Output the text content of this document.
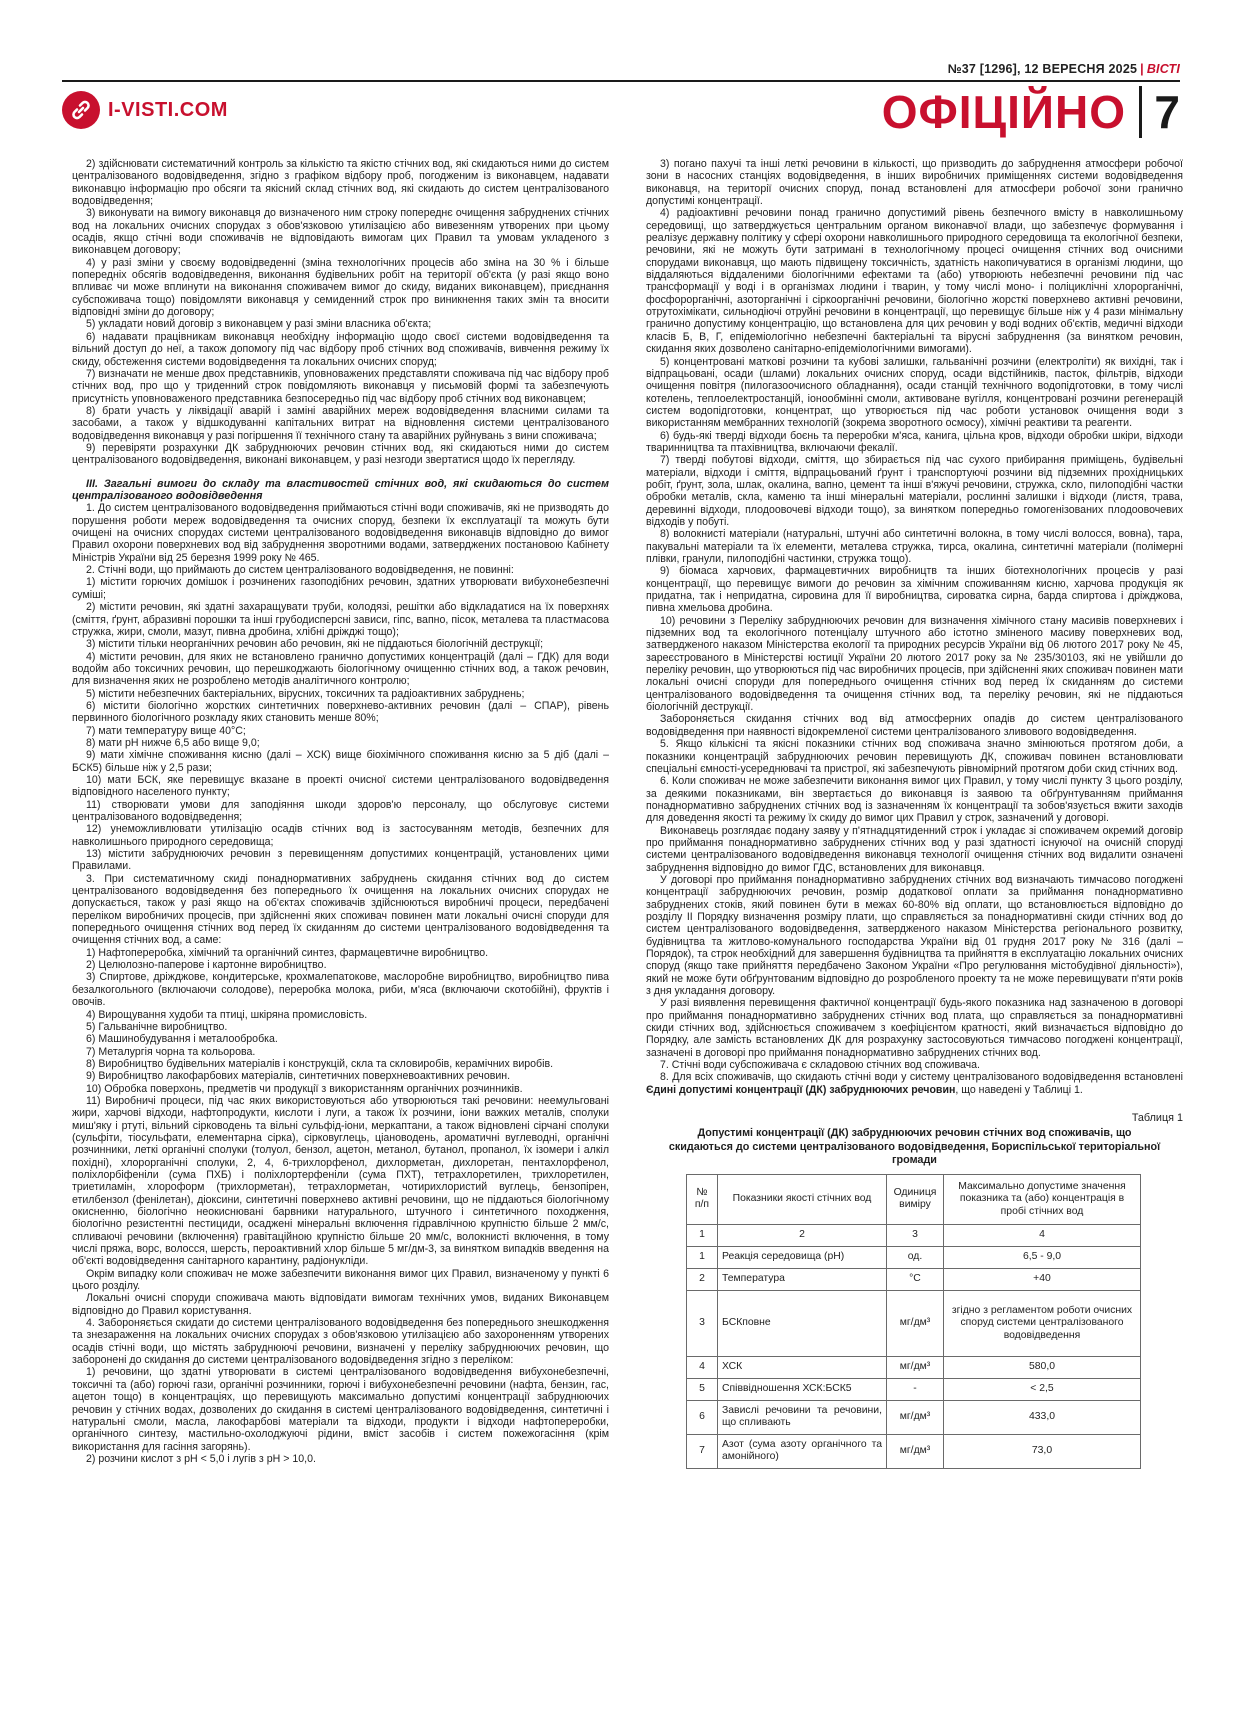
№37 [1296], 12 ВЕРЕСНЯ 2025 | ВІСТІ
I-VISTI.COM	ОФІЦІЙНО 7

2) здійснювати систематичний контроль за кількістю та якістю стічних вод, які скидаються ними до систем централізованого водовідведення, згідно з графіком відбору проб, погодженим із виконавцем, надавати виконавцю інформацію про обсяги та якісний склад стічних вод, які скидають до систем централізованого водовідведення;

3) виконувати на вимогу виконавця до визначеного ним строку попереднє очищення забруднених стічних вод на локальних очисних спорудах з обов'язковою утилізацією або вивезенням утворених при цьому осадів, якщо стічні води споживачів не відповідають вимогам цих Правил та умовам укладеного з виконавцем договору;

4) у разі зміни у своєму водовідведенні (зміна технологічних процесів або зміна на 30 % і більше попередніх обсягів водовідведення, виконання будівельних робіт на території об'єкта (у разі якщо воно впливає чи може вплинути на виконання споживачем вимог до скиду, виданих виконавцем), приєднання субспоживача тощо) повідомляти виконавця у семиденний строк про виникнення таких змін та вносити відповідні зміни до договору;

5) укладати новий договір з виконавцем у разі зміни власника об'єкта;

6) надавати працівникам виконавця необхідну інформацію щодо своєї системи водовідведення та вільний доступ до неї, а також допомогу під час відбору проб стічних вод споживачів, вивчення режиму їх скиду, обстеження системи водовідведення та локальних очисних споруд;

7) визначати не менше двох представників, уповноважених представляти споживача під час відбору проб стічних вод, про що у триденний строк повідомляють виконавця у письмовій формі та забезпечують присутність уповноваженого представника безпосередньо під час відбору проб стічних вод виконавцем;

8) брати участь у ліквідації аварій і заміні аварійних мереж водовідведення власними силами та засобами, а також у відшкодуванні капітальних витрат на відновлення системи централізованого водовідведення виконавця у разі погіршення її технічного стану та аварійних руйнувань з вини споживача;

9) перевіряти розрахунки ДК забруднюючих речовин стічних вод, які скидаються ними до систем централізованого водовідведення, виконані виконавцем, у разі незгоди звертатися щодо їх перегляду.

ІІІ. Загальні вимоги до складу та властивостей стічних вод, які скидаються до систем централізованого водовідведення

1. До систем централізованого водовідведення приймаються стічні води споживачів, які не призводять до порушення роботи мереж водовідведення та очисних споруд, безпеки їх експлуатації та можуть бути очищені на очисних спорудах системи централізованого водовідведення виконавців відповідно до вимог Правил охорони поверхневих вод від забруднення зворотними водами, затверджених постановою Кабінету Міністрів України від 25 березня 1999 року № 465.

2. Стічні води, що приймають до систем централізованого водовідведення, не повинні:

1) містити горючих домішок і розчинених газоподібних речовин, здатних утворювати вибухонебезпечні суміші;

2) містити речовин, які здатні захаращувати труби, колодязі, решітки або відкладатися на їх поверхнях (сміття, ґрунт, абразивні порошки та інші грубодисперсні зависи, гіпс, вапно, пісок, металева та пластмасова стружка, жири, смоли, мазут, пивна дробина, хлібні дріжджі тощо);

3) містити тільки неорганічних речовин або речовин, які не піддаються біологічній деструкції;

4) містити речовин, для яких не встановлено гранично допустимих концентрацій (далі – ГДК) для води водойм або токсичних речовин, що перешкоджають біологічному очищенню стічних вод, а також речовин, для визначення яких не розроблено методів аналітичного контролю;

5) містити небезпечних бактеріальних, вірусних, токсичних та радіоактивних забруднень;

6) містити біологічно жорстких синтетичних поверхнево-активних речовин (далі – СПАР), рівень первинного біологічного розкладу яких становить менше 80%;

7) мати температуру вище 40°С;

8) мати рН нижче 6,5 або вище 9,0;

9) мати хімічне споживання кисню (далі – ХСК) вище біохімічного споживання кисню за 5 діб (далі – БСК5) більше ніж у 2,5 рази;

10) мати БСК, яке перевищує вказане в проекті очисної системи централізованого водовідведення відповідного населеного пункту;

11) створювати умови для заподіяння шкоди здоров'ю персоналу, що обслуговує системи централізованого водовідведення;

12) унеможливлювати утилізацію осадів стічних вод із застосуванням методів, безпечних для навколишнього природного середовища;

13) містити забруднюючих речовин з перевищенням допустимих концентрацій, установлених цими Правилами.

3. При систематичному скиді понаднормативних забруднень скидання стічних вод до систем централізованого водовідведення без попереднього їх очищення на локальних очисних спорудах не допускається, також у разі якщо на об'єктах споживачів здійснюються виробничі процеси, передбачені переліком виробничих процесів, при здійсненні яких споживач повинен мати локальні очисні споруди для попереднього очищення стічних вод перед їх скиданням до системи централізованого водовідведення та очищення стічних вод, а саме:

1) Нафтопереробка, хімічний та органічний синтез, фармацевтичне виробництво.

2) Целюлозно-паперове і картонне виробництво.

3) Спиртове, дріжджове, кондитерське, крохмалепатокове, маслоробне виробництво, виробництво пива безалкогольного (включаючи солодове), переробка молока, риби, м'яса (включаючи скотобійні), фруктів і овочів.

4) Вирощування худоби та птиці, шкіряна промисловість.

5) Гальванічне виробництво.

6) Машинобудування і металообробка.

7) Металургія чорна та кольорова.

8) Виробництво будівельних матеріалів і конструкцій, скла та скловиробів, керамічних виробів.

9) Виробництво лакофарбових матеріалів, синтетичних поверхневоактивних речовин.

10) Обробка поверхонь, предметів чи продукції з використанням органічних розчинників.

11) Виробничі процеси, під час яких використовуються або утворюються такі речовини: неемульговані жири, харчові відходи, нафтопродукти, кислоти і луги, а також їх розчини, іони важких металів, сполуки миш'яку і ртуті, вільний сірководень та вільні сульфід-іони, меркаптани, а також відновлені сірчані сполуки (сульфіти, тіосульфати, елементарна сірка), сірковуглець, ціановодень, ароматичні вуглеводні, органічні розчинники, леткі органічні сполуки (толуол, бензол, ацетон, метанол, бутанол, пропанол, їх ізомери і алкіл похідні), хлорорганічні сполуки, 2, 4, 6-трихлорфенол, дихлорметан, дихлоретан, пентахлорфенол, поліхлорбіфеніли (сума ПХБ) і поліхлортерфеніли (сума ПХТ), тетрахлоретилен, трихлоретилен, триетиламін, хлороформ (трихлорметан), тетрахлорметан, чотирихлористий вуглець, бензопірен, етилбензол (фенілетан), діоксини, синтетичні поверхнево активні речовини, що не піддаються біологічному окисненню, біологічно неокиснювані барвники натурального, штучного і синтетичного походження, біологічно резистентні пестициди, осаджені мінеральні включення гідравлічною крупністю більше 2 мм/с, спливаючі речовини (включення) гравітаційною крупністю більше 20 мм/с, волокнисті включення, в тому числі пряжа, ворс, волосся, шерсть, пероактивний хлор більше 5 мг/дм-3, за винятком випадків введення на об'єкті водовідведення санітарного карантину, радіонукліди.

Окрім випадку коли споживач не може забезпечити виконання вимог цих Правил, визначеному у пункті 6 цього розділу.

Локальні очисні споруди споживача мають відповідати вимогам технічних умов, виданих Виконавцем відповідно до Правил користування.

4. Забороняється скидати до системи централізованого водовідведення без попереднього знешкодження та знезараження на локальних очисних спорудах з обов'язковою утилізацією або захороненням утворених осадів стічні води, що містять забруднюючі речовини, визначені у переліку забруднюючих речовин, що заборонені до скидання до системи централізованого водовідведення згідно з переліком:

1) речовини, що здатні утворювати в системі централізованого водовідведення вибухонебезпечні, токсичні та (або) горючі гази, органічні розчинники, горючі і вибухонебезпечні речовини (нафта, бензин, гас, ацетон тощо) в концентраціях, що перевищують максимально допустимі концентрації забруднюючих речовин у стічних водах, дозволених до скидання в системі централізованого водовідведення, синтетичні і натуральні смоли, масла, лакофарбові матеріали та відходи, продукти і відходи нафтопереробки, органічного синтезу, мастильно-охолоджуючі рідини, вміст засобів і систем пожежогасіння (крім використання для гасіння загорянь).

2) розчини кислот з рН < 5,0 і лугів з рН > 10,0.

3) погано пахучі та інші леткі речовини в кількості, що призводить до забруднення атмосфери робочої зони в насосних станціях водовідведення, в інших виробничих приміщеннях системи водовідведення виконавця, на території очисних споруд, понад встановлені для атмосфери робочої зони гранично допустимі концентрації.

4) радіоактивні речовини понад гранично допустимий рівень безпечного вмісту в навколишньому середовищі, що затверджується центральним органом виконавчої влади, що забезпечує формування і реалізує державну політику у сфері охорони навколишнього природного середовища та екологічної безпеки, речовини, які не можуть бути затримані в технологічному процесі очищення стічних вод очисними спорудами виконавця, що мають підвищену токсичність, здатність накопичуватися в організмі людини, що віддаляються віддаленими біологічними ефектами та (або) утворюють небезпечні речовини під час трансформації у воді і в організмах людини і тварин, у тому числі моно- і поліциклічні хлорорганічні, фосфорорганічні, азоторганічні і сіркоорганічні речовини, біологічно жорсткі поверхнево активні речовини, отрутохімікати, сильнодіючі отруйні речовини в концентрації, що перевищує більше ніж у 4 рази мінімальну гранично допустиму концентрацію, що встановлена для цих речовин у воді водних об'єктів, медичні відходи класів Б, В, Г, епідеміологічно небезпечні бактеріальні та вірусні забруднення (за винятком речовин, скидання яких дозволено санітарно-епідеміологічними вимогами).

5) концентровані маткові розчини та кубові залишки, гальванічні розчини (електроліти) як вихідні, так і відпрацьовані, осади (шлами) локальних очисних споруд, осади відстійників, пасток, фільтрів, відходи очищення повітря (пилогазоочисного обладнання), осади станцій технічного водопідготовки, в тому числі котелень, теплоелектростанцій, іонообмінні смоли, активоване вугілля, концентровані розчини регенерацій систем водопідготовки, концентрат, що утворюється під час роботи установок очищення води з використанням мембранних технологій (зокрема зворотного осмосу), хімічні реактиви та реагенти.

6) будь-які тверді відходи боєнь та переробки м'яса, канига, цільна кров, відходи обробки шкіри, відходи тваринництва та птахівництва, включаючи фекалії.

7) тверді побутові відходи, сміття, що збирається під час сухого прибирання приміщень, будівельні матеріали, відходи і сміття, відпрацьований ґрунт і транспортуючі розчини від підземних прохідницьких робіт, ґрунт, зола, шлак, окалина, вапно, цемент та інші в'яжучі речовини, стружка, скло, пилоподібні частки обробки металів, скла, каменю та інші мінеральні матеріали, рослинні залишки і відходи (листя, трава, деревинні відходи, плодоовочеві відходи тощо), за винятком попередньо гомогенізованих плодоовочевих відходів у побуті.

8) волокнисті матеріали (натуральні, штучні або синтетичні волокна, в тому числі волосся, вовна), тара, пакувальні матеріали та їх елементи, металева стружка, тирса, окалина, синтетичні матеріали (полімерні плівки, гранули, пилоподібні частинки, стружка тощо).

9) біомаса харчових, фармацевтичних виробництв та інших біотехнологічних процесів у разі концентрації, що перевищує вимоги до речовин за хімічним споживанням кисню, харчова продукція як придатна, так і непридатна, сировина для її виробництва, сироватка сирна, барда спиртова і дріжджова, пивна хмельова дробина.

10) речовини з Переліку забруднюючих речовин для визначення хімічного стану масивів поверхневих і підземних вод та екологічного потенціалу штучного або істотно зміненого масиву поверхневих вод, затвердженого наказом Міністерства екології та природних ресурсів України від 06 лютого 2017 року № 45, зареєстрованого в Міністерстві юстиції України 20 лютого 2017 року за № 235/30103, які не увійшли до переліку речовин, що утворюються під час виробничих процесів, при здійсненні яких споживач повинен мати локальні очисні споруди для попереднього очищення стічних вод перед їх скиданням до системи централізованого водовідведення та очищення стічних вод, та переліку речовин, які не піддаються біологічній деструкції.

Забороняється скидання стічних вод від атмосферних опадів до систем централізованого водовідведення при наявності відокремленої системи централізованого зливового водовідведення.

5. Якщо кількісні та якісні показники стічних вод споживача значно змінюються протягом доби, а показники концентрацій забруднюючих речовин перевищують ДК, споживач повинен встановлювати спеціальні ємності-усереднювачі та пристрої, які забезпечують рівномірний протягом доби скид стічних вод.

6. Коли споживач не може забезпечити виконання вимог цих Правил, у тому числі пункту 3 цього розділу, за деякими показниками, він звертається до виконавця із заявою та обґрунтуванням приймання понаднормативно забруднених стічних вод із зазначенням їх концентрації та зобов'язується вжити заходів для доведення якості та режиму їх скиду до вимог цих Правил у строк, зазначений у договорі.

Виконавець розглядає подану заяву у п'ятнадцятиденний строк і укладає зі споживачем окремий договір про приймання понаднормативно забруднених стічних вод у разі здатності існуючої на очисній споруді системи централізованого водовідведення виконавця технології очищення стічних вод видалити означені забруднення відповідно до вимог ГДС, встановлених для виконавця.

У договорі про приймання понаднормативно забруднених стічних вод визначають тимчасово погоджені концентрації забруднюючих речовин, розмір додаткової оплати за приймання понаднормативно забруднених стоків, який повинен бути в межах 60-80% від оплати, що встановлюється відповідно до розділу ІІ Порядку визначення розміру плати, що справляється за понаднормативні скиди стічних вод до систем централізованого водовідведення, затвердженого наказом Міністерства регіонального розвитку, будівництва та житлово-комунального господарства України від 01 грудня 2017 року № 316 (далі – Порядок), та строк необхідний для завершення будівництва та прийняття в експлуатацію локальних очисних споруд (якщо таке прийняття передбачено Законом України «Про регулювання містобудівної діяльності»), який не може бути обґрунтованим відповідно до розробленого проекту та не може перевищувати п'яти років з дня укладання договору.

У разі виявлення перевищення фактичної концентрації будь-якого показника над зазначеною в договорі про приймання понаднормативно забруднених стічних вод плата, що справляється за понаднормативні скиди стічних вод, здійснюється споживачем з коефіцієнтом кратності, який визначається відповідно до Порядку, але замість встановлених ДК для розрахунку застосовуються тимчасово погоджені концентрації, зазначені в договорі про приймання понаднормативно забруднених стічних вод.

7. Стічні води субспоживача є складовою стічних вод споживача.

8. Для всіх споживачів, що скидають стічні води у систему централізованого водовідведення встановлені Єдині допустимі концентрації (ДК) забруднюючих речовин, що наведені у Таблиці 1.

Таблиця 1
Допустимі концентрації (ДК) забруднюючих речовин стічних вод споживачів, що скидаються до системи централізованого водовідведення, Бориспільської територіальної громади
№ п/п	Показники якості стічних вод	Одиниця виміру	Максимально допустиме значення показника та (або) концентрація в пробі стічних вод
1	2	3	4
1	Реакція середовища (рН)	од.	6,5 - 9,0
2	Температура	°С	+40
3	БСКповне	мг/дм³	згідно з регламентом роботи очисних споруд системи централізованого водовідведення
4	ХСК	мг/дм³	580,0
5	Співвідношення ХСК:БСК5	-	< 2,5
6	Завислі речовини та речовини, що спливають	мг/дм³	433,0
7	Азот (сума азоту органічного та амонійного)	мг/дм³	73,0
